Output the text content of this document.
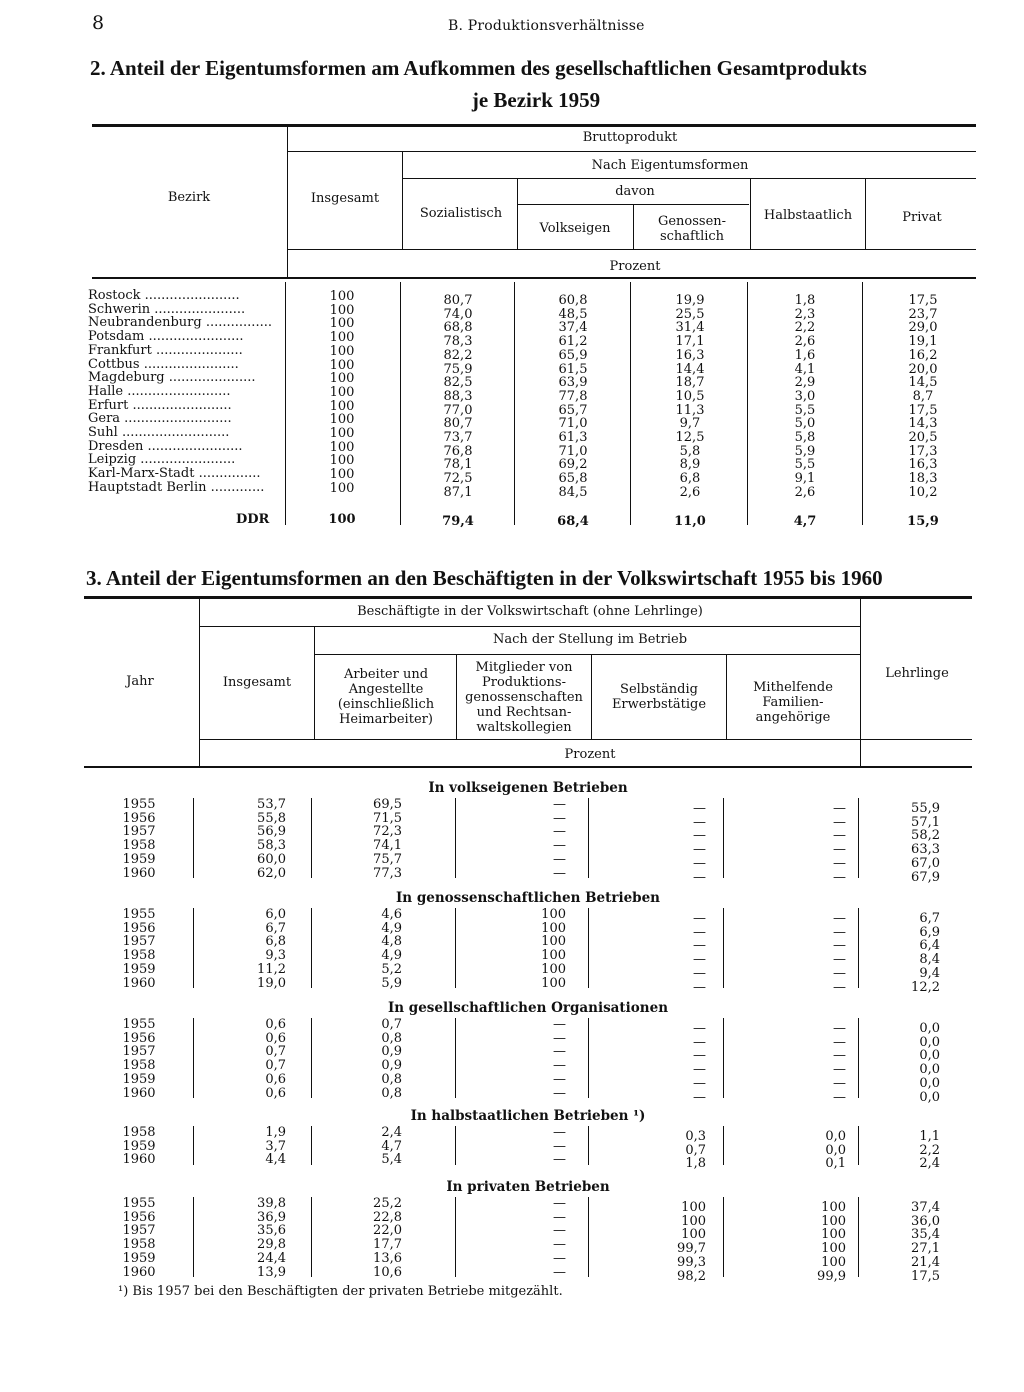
8	B. Produktionsverhältnisse
2. Anteil der Eigentumsformen am Aufkommen des gesellschaftlichen Gesamtprodukts
je Bezirk 1959
Bruttoprodukt
Bezirk	Insgesamt
Nach Eigentumsformen
Sozialistisch
davon
Volkseigen	Genossen-
schaftlich
Halbstaatlich	Privat
Prozent
Rostock .......................	100	80,7	60,8	19,9	1,8	17,5
Schwerin ......................	100	74,0	48,5	25,5	2,3	23,7
Neubrandenburg ................	100	68,8	37,4	31,4	2,2	29,0
Potsdam .......................	100	78,3	61,2	17,1	2,6	19,1
Frankfurt .....................	100	82,2	65,9	16,3	1,6	16,2
Cottbus .......................	100	75,9	61,5	14,4	4,1	20,0
Magdeburg .....................	100	82,5	63,9	18,7	2,9	14,5
Halle .........................	100	88,3	77,8	10,5	3,0	8,7
Erfurt ........................	100	77,0	65,7	11,3	5,5	17,5
Gera ..........................	100	80,7	71,0	9,7	5,0	14,3
Suhl ..........................	100	73,7	61,3	12,5	5,8	20,5
Dresden .......................	100	76,8	71,0	5,8	5,9	17,3
Leipzig .......................	100	78,1	69,2	8,9	5,5	16,3
Karl-Marx-Stadt ...............	100	72,5	65,8	6,8	9,1	18,3
Hauptstadt Berlin .............	100	87,1	84,5	2,6	2,6	10,2
DDR	100	79,4	68,4	11,0	4,7	15,9
3. Anteil der Eigentumsformen an den Beschäftigten in der Volkswirtschaft 1955 bis 1960
Jahr
Beschäftigte in der Volkswirtschaft (ohne Lehrlinge)
Lehrlinge
Insgesamt
Nach der Stellung im Betrieb
Arbeiter und
Angestellte
(einschließlich
Heimarbeiter)
Mitglieder von
Produktions-
genossenschaften
und Rechtsan-
waltskollegien
Selbständig
Erwerbstätige
Mithelfende
Familien-
angehörige
Prozent
In volkseigenen Betrieben
1955	53,7	69,5	—	—	—	55,9
1956	55,8	71,5	—	—	—	57,1
1957	56,9	72,3	—	—	—	58,2
1958	58,3	74,1	—	—	—	63,3
1959	60,0	75,7	—	—	—	67,0
1960	62,0	77,3	—	—	—	67,9
In genossenschaftlichen Betrieben
1955	6,0	4,6	100	—	—	6,7
1956	6,7	4,9	100	—	—	6,9
1957	6,8	4,8	100	—	—	6,4
1958	9,3	4,9	100	—	—	8,4
1959	11,2	5,2	100	—	—	9,4
1960	19,0	5,9	100	—	—	12,2
In gesellschaftlichen Organisationen
1955	0,6	0,7	—	—	—	0,0
1956	0,6	0,8	—	—	—	0,0
1957	0,7	0,9	—	—	—	0,0
1958	0,7	0,9	—	—	—	0,0
1959	0,6	0,8	—	—	—	0,0
1960	0,6	0,8	—	—	—	0,0
In halbstaatlichen Betrieben ¹)
1958	1,9	2,4	—	0,3	0,0	1,1
1959	3,7	4,7	—	0,7	0,0	2,2
1960	4,4	5,4	—	1,8	0,1	2,4
In privaten Betrieben
1955	39,8	25,2	—	100	100	37,4
1956	36,9	22,8	—	100	100	36,0
1957	35,6	22,0	—	100	100	35,4
1958	29,8	17,7	—	99,7	100	27,1
1959	24,4	13,6	—	99,3	100	21,4
1960	13,9	10,6	—	98,2	99,9	17,5
¹) Bis 1957 bei den Beschäftigten der privaten Betriebe mitgezählt.
